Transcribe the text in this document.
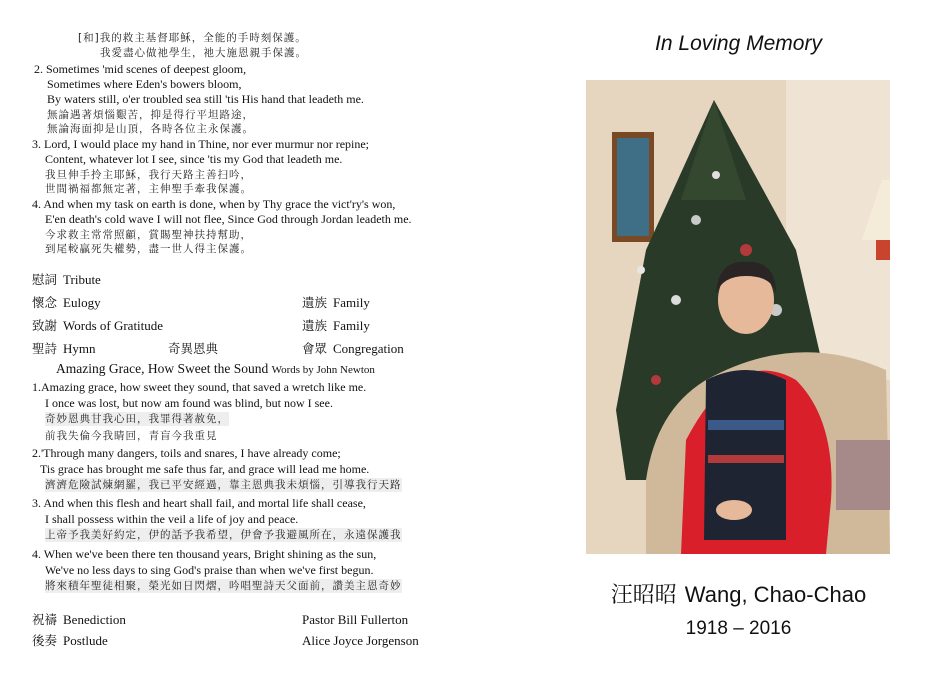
[和]我的救主基督耶穌，全能的手時刻保護。
我愛盡心做祂學生，祂大施恩親手保護。
2. Sometimes 'mid scenes of deepest gloom,
Sometimes where Eden's bowers bloom,
By waters still, o'er troubled sea still 'tis His hand that leadeth me.
無論遇著煩惱艱苦，抑是得行平坦路途，
無論海面抑是山頂，各時各位主永保護。
3. Lord, I would place my hand in Thine, nor ever murmur nor repine;
Content, whatever lot I see, since 'tis my God that leadeth me.
我旦伸手拎主耶穌，我行天路主善扫吟，
世間禍福都無定著，主伸聖手牽我保護。
4. And when my task on earth is done, when by Thy grace the vict'ry's won,
E'en death's cold wave I will not flee, Since God through Jordan leadeth me.
今求救主常常照顧，賞賜聖神扶持幫助，
到尾較贏死失權勢，盡一世人得主保護。
慰詞 Tribute
懷念 Eulogy	遺族 Family
致謝 Words of Gratitude	遺族 Family
聖詩 Hymn	奇異恩典	會眾 Congregation
Amazing Grace, How Sweet the Sound Words by John Newton
1.Amazing grace, how sweet they sound, that saved a wretch like me.
I once was lost, but now am found was blind, but now I see.
奇妙恩典甘我心田，我罪得著赦免，
前我失倫今我睛回，青盲今我重見
2.'Through many dangers, toils and snares, I have already come;
Tis grace has brought me safe thus far, and grace will lead me home.
濟濟危險試煉網羅，我已平安經過，靠主恩典我未煩惱，引導我行天路
3. And when this flesh and heart shall fail, and mortal life shall cease,
I shall possess within the veil a life of joy and peace.
上帝予我美好約定，伊的話予我希望，伊會予我避風所在，永遠保護我
4. When we've been there ten thousand years, Bright shining as the sun,
We've no less days to sing God's praise than when we've first begun.
將來積年聖徒相聚，榮光如日閃熠，吟唱聖詩天父面前，讚美主恩奇妙
祝禱 Benediction	Pastor Bill Fullerton
後奏 Postlude	Alice Joyce Jorgenson
In Loving Memory
汪昭昭 Wang, Chao-Chao
1918 – 2016
